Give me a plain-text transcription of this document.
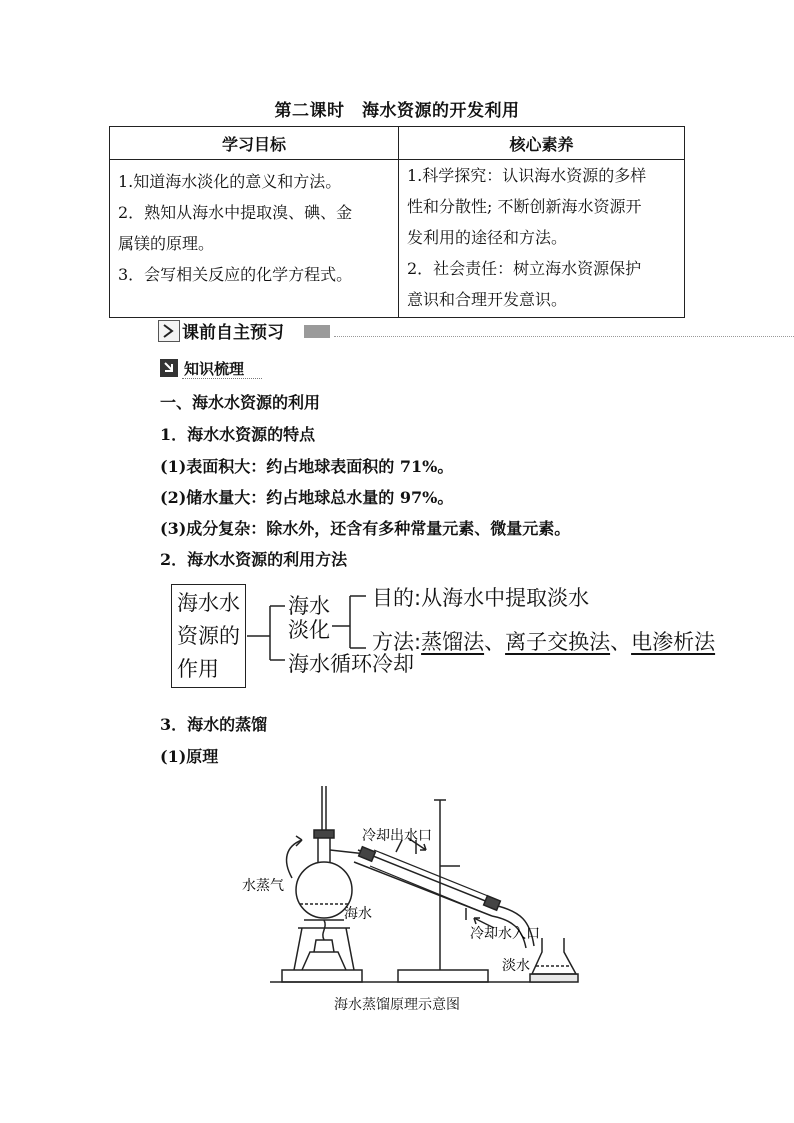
第二课时　海水资源的开发利用
学习目标	核心素养

1.知道海水淡化的意义和方法。
2．熟知从海水中提取溴、碘、金
属镁的原理。
3．会写相关反应的化学方程式。	1.科学探究：认识海水资源的多样
性和分散性; 不断创新海水资源开
发利用的途径和方法。
2．社会责任：树立海水资源保护
意识和合理开发意识。
课前自主预习
知识梳理
一、海水水资源的利用
1．海水水资源的特点
(1)表面积大：约占地球表面积的 71%。
(2)储水量大：约占地球总水量的 97%。
(3)成分复杂：除水外，还含有多种常量元素、微量元素。
2．海水水资源的利用方法
海水水
资源的
作用
海水
淡化
海水循环冷却
目的:从海水中提取淡水
方法:蒸馏法、离子交换法、电渗析法
3．海水的蒸馏
(1)原理
冷却出水口
水蒸气
海水
冷却水入口
淡水
海水蒸馏原理示意图
